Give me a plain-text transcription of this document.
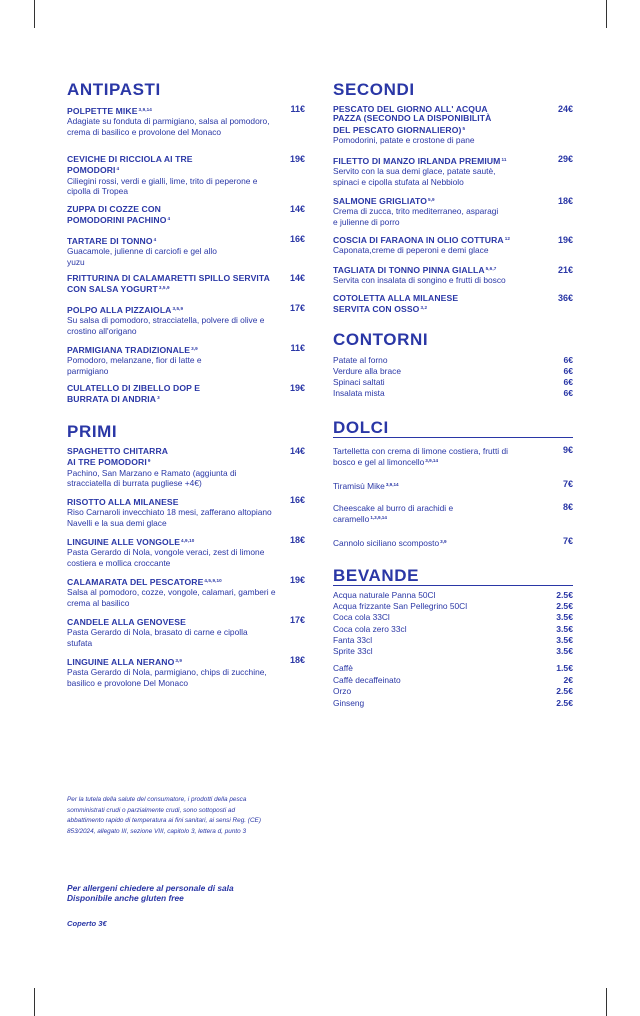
ANTIPASTI
POLPETTE MIKE$^{3,9,14}$
Adagiate su fonduta di parmigiano, salsa al pomodoro, crema di basilico e provolone del Monaco
11€
CEVICHE DI RICCIOLA AI TRE POMODORI$^4$
Ciliegini rossi, verdi e gialli, lime, trito di peperone e cipolla di Tropea
19€
ZUPPA DI COZZE CON POMODORINI PACHINO$^4$
14€
TARTARE DI TONNO$^4$
Guacamole, julienne di carciofi e gel allo yuzu
16€
FRITTURINA DI CALAMARETTI SPILLO SERVITA CON SALSA YOGURT$^{3,5,9}$
14€
POLPO ALLA PIZZAIOLA$^{3,5,9}$
Su salsa di pomodoro, stracciatella, polvere di olive e crostino all'origano
17€
PARMIGIANA TRADIZIONALE$^{3,9}$
Pomodoro, melanzane, fior di latte e parmigiano
11€
CULATELLO DI ZIBELLO DOP E BURRATA DI ANDRIA$^3$
19€
PRIMI
SPAGHETTO CHITARRA AI TRE POMODORI$^9$
Pachino, San Marzano e Ramato (aggiunta di stracciatella di burrata pugliese +4€)
14€
RISOTTO ALLA MILANESE
Riso Carnaroli invecchiato 18 mesi, zafferano altopiano Navelli e la sua demi glace
16€
LINGUINE ALLE VONGOLE$^{4,9,10}$
Pasta Gerardo di Nola, vongole veraci, zest di limone costiera e mollica croccante
18€
CALAMARATA DEL PESCATORE$^{4,5,9,10}$
Salsa al pomodoro, cozze, vongole, calamari, gamberi e crema al basilico
19€
CANDELE ALLA GENOVESE
Pasta Gerardo di Nola, brasato di carne e cipolla stufata
17€
LINGUINE ALLA NERANO$^{3,9}$
Pasta Gerardo di Nola, parmigiano, chips di zucchine, basilico e provolone Del Monaco
18€
Per la tutela della salute del consumatore, i prodotti della pesca somministrati crudi o parzialmente crudi, sono sottoposti ad abbattimento rapido di temperatura ai fini sanitari, ai sensi Reg. (CE) 853/2024, allegato III, sezione VIII, capitolo 3, lettera d, punto 3
Per allergeni chiedere al personale di sala
Disponibile anche gluten free
Coperto 3€
SECONDI
PESCATO DEL GIORNO ALL' ACQUA PAZZA (SECONDO LA DISPONIBILITÀ DEL PESCATO GIORNALIERO)$^5$
Pomodorini, patate e crostone di pane
24€
FILETTO DI MANZO IRLANDA PREMIUM$^{11}$
Servito con la sua demi glace, patate sautè, spinaci e cipolla stufata al Nebbiolo
29€
SALMONE GRIGLIATO$^{5,9}$
Crema di zucca, trito mediterraneo, asparagi e julienne di porro
18€
COSCIA DI FARAONA IN OLIO COTTURA$^{12}$
Caponata,creme di peperoni e demi glace
19€
TAGLIATA DI TONNO PINNA GIALLA$^{5,6,7}$
Servita con insalata di songino e frutti di bosco
21€
COTOLETTA ALLA MILANESE SERVITA CON OSSO$^{3,2}$
36€
CONTORNI
Patate al forno	6€
Verdure alla brace	6€
Spinaci saltati	6€
Insalata mista	6€
DOLCI
Tartelletta con crema di limone costiera, frutti di bosco e gel al limoncello$^{3,9,14}$
9€
Tiramisù Mike$^{3,9,14}$	7€
Cheescake al burro di arachidi e caramello$^{1,3,9,14}$
8€
Cannolo siciliano scomposto$^{3,9}$	7€
BEVANDE
Acqua naturale Panna 50Cl	2.5€
Acqua frizzante San Pellegrino 50Cl	2.5€
Coca cola 33Cl	3.5€
Coca cola zero 33cl	3.5€
Fanta 33cl	3.5€
Sprite 33cl	3.5€
Caffè	1.5€
Caffè decaffeinato	2€
Orzo	2.5€
Ginseng	2.5€
